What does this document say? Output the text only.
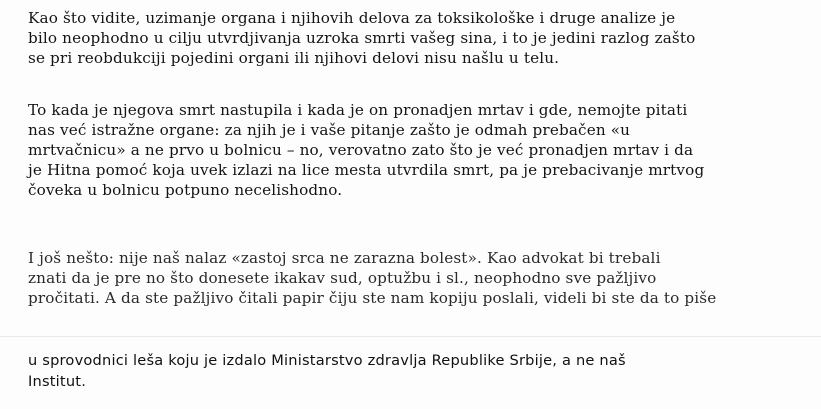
Kao što vidite, uzimanje organa i njihovih delova za toksikološke i druge analize je
bilo neophodno u cilju utvrdjivanja uzroka smrti vašeg sina, i to je jedini razlog zašto
se pri reobdukciji pojedini organi ili njihovi delovi nisu našlu u telu.

To kada je njegova smrt nastupila i kada je on pronadjen mrtav i gde, nemojte pitati
nas već istražne organe: za njih je i vaše pitanje zašto je odmah prebačen «u
mrtvačnicu» a ne prvo u bolnicu – no, verovatno zato što je već pronadjen mrtav i da
je Hitna pomoć koja uvek izlazi na lice mesta utvrdila smrt, pa je prebacivanje mrtvog
čoveka u bolnicu potpuno necelishodno.

I još nešto: nije naš nalaz «zastoj srca ne zarazna bolest». Kao advokat bi trebali
znati da je pre no što donesete ikakav sud, optužbu i sl., neophodno sve pažljivo
pročitati. A da ste pažljivo čitali papir čiju ste nam kopiju poslali, videli bi ste da to piše

u sprovodnici leša koju je izdalo Ministarstvo zdravlja Republike Srbije, a ne naš
Institut.
